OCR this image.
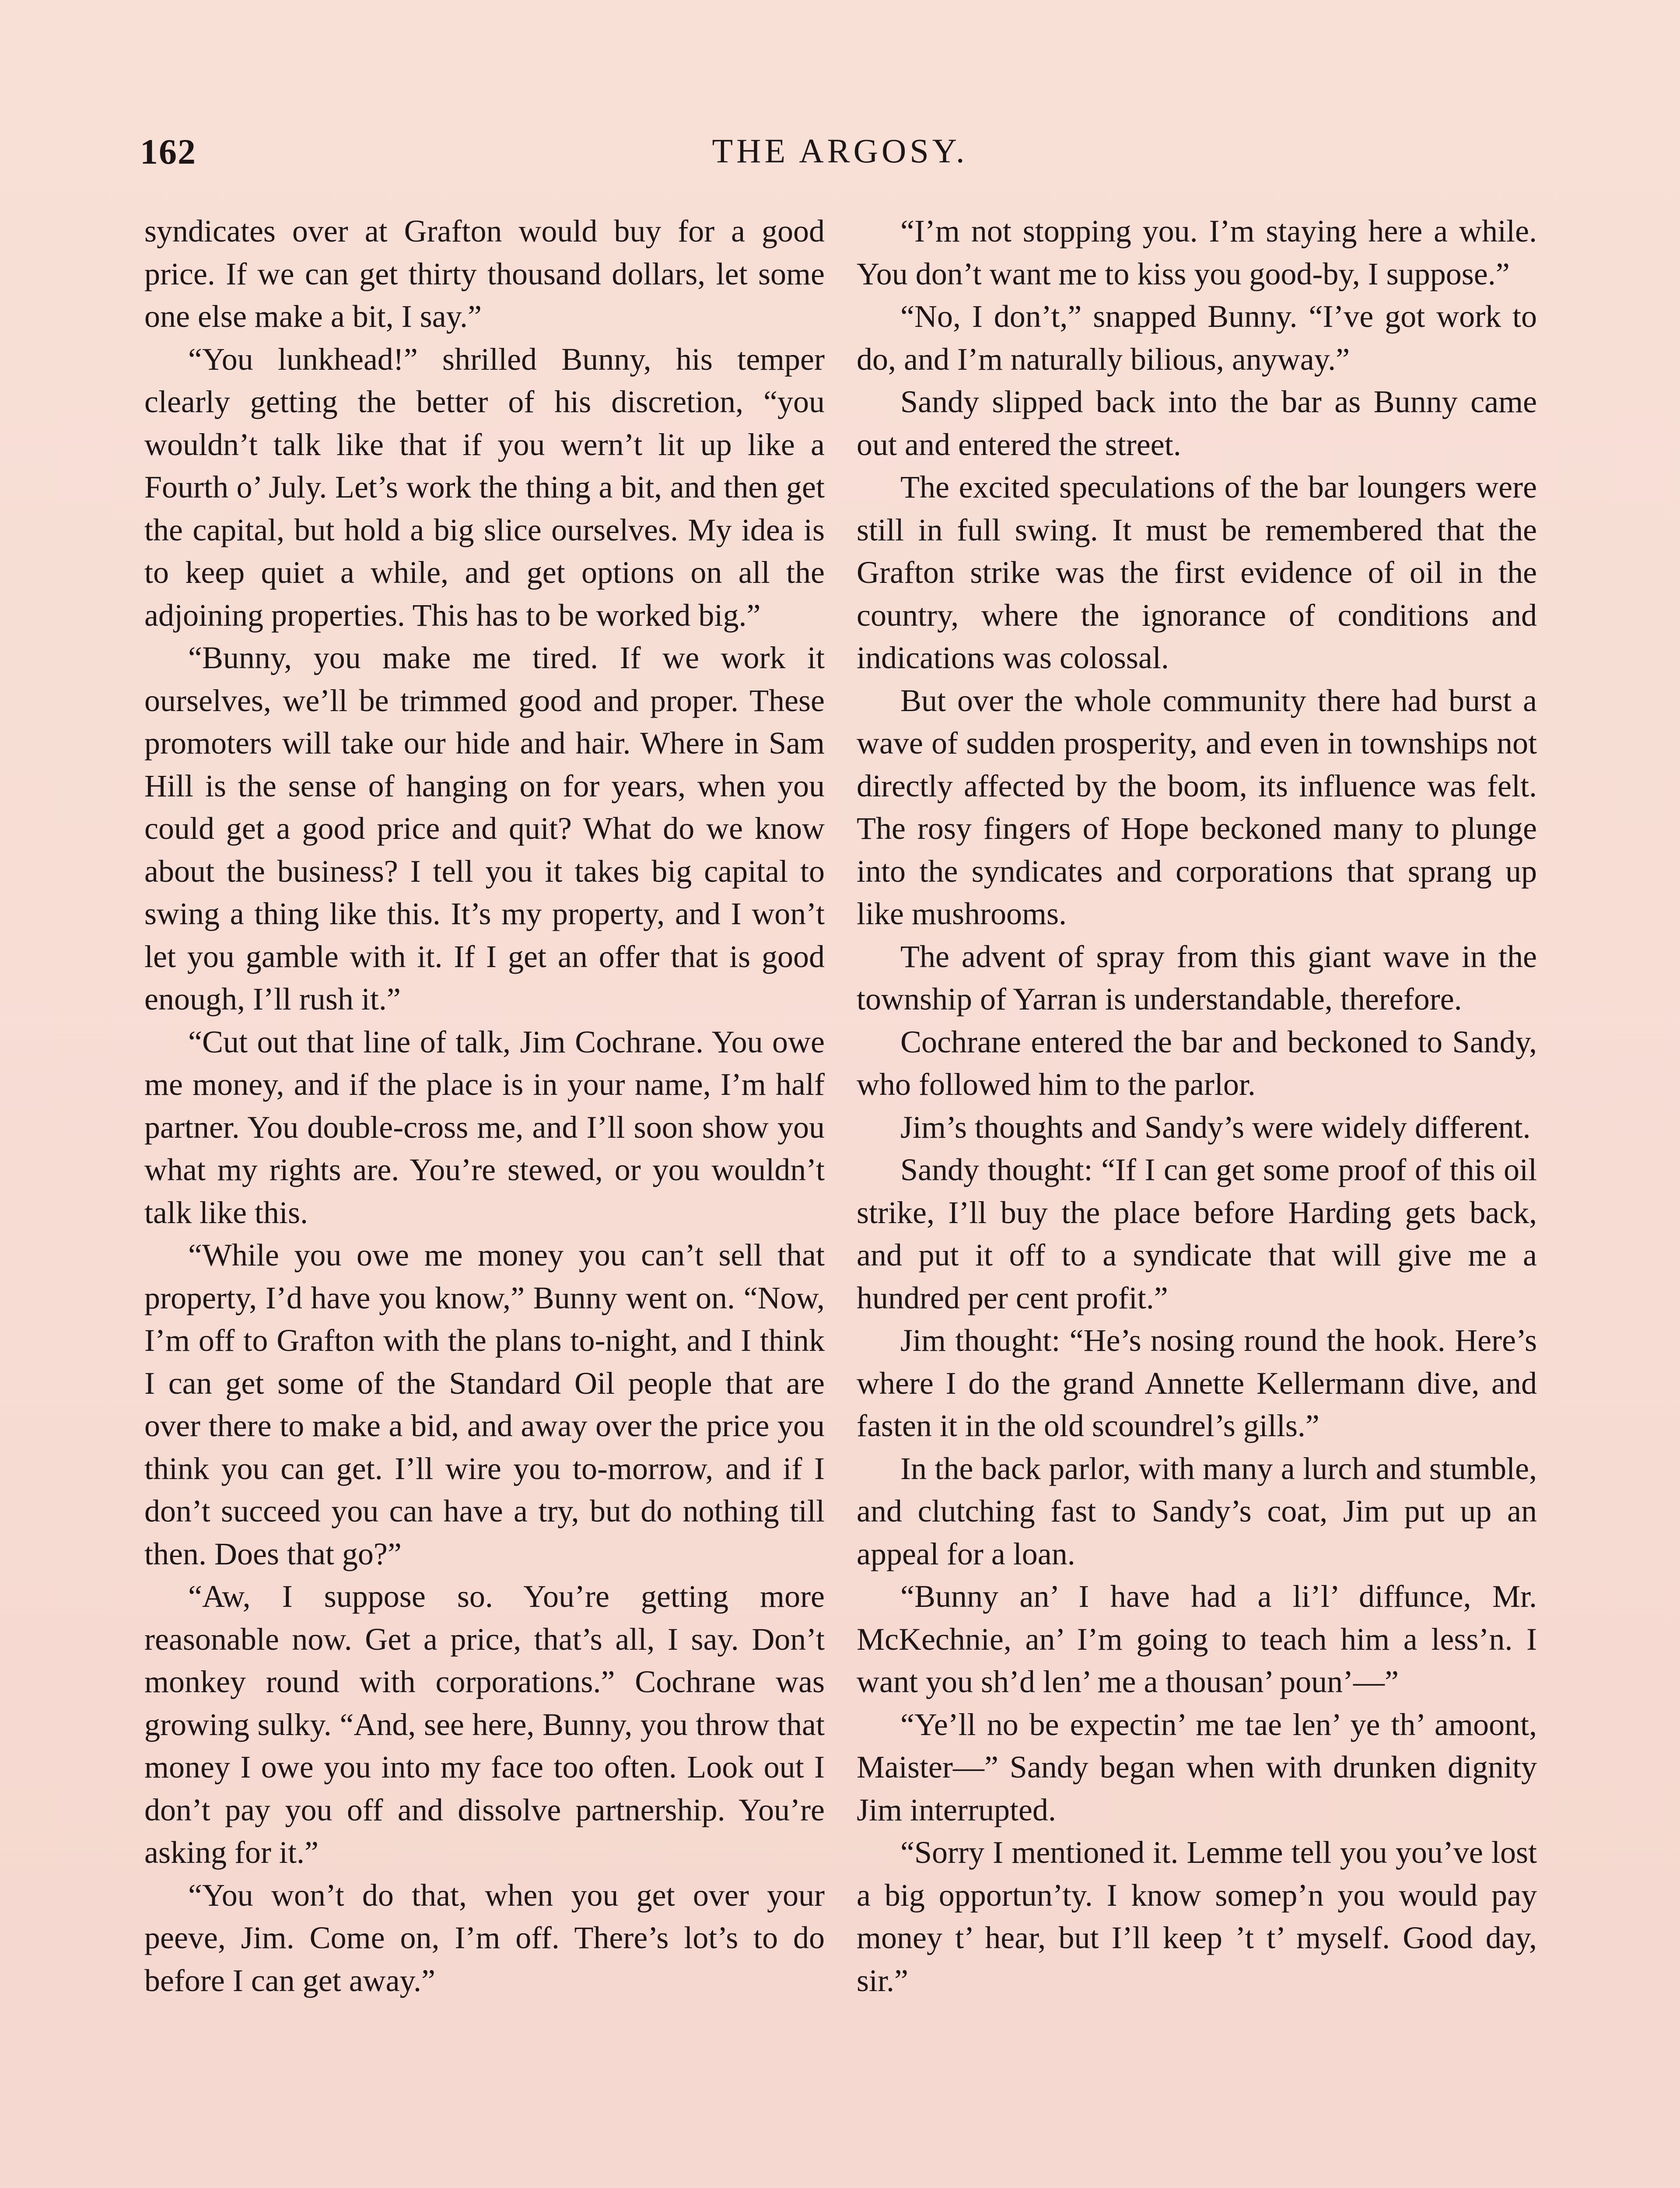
162	THE ARGOSY.

syndicates over at Grafton would buy for a good price. If we can get thirty thousand dollars, let some one else make a bit, I say.”

“You lunkhead!” shrilled Bunny, his temper clearly getting the better of his discretion, “you wouldn’t talk like that if you wern’t lit up like a Fourth o’ July. Let’s work the thing a bit, and then get the capital, but hold a big slice ourselves. My idea is to keep quiet a while, and get options on all the adjoining properties. This has to be worked big.”

“Bunny, you make me tired. If we work it ourselves, we’ll be trimmed good and proper. These promoters will take our hide and hair. Where in Sam Hill is the sense of hanging on for years, when you could get a good price and quit? What do we know about the business? I tell you it takes big capital to swing a thing like this. It’s my property, and I won’t let you gamble with it. If I get an offer that is good enough, I’ll rush it.”

“Cut out that line of talk, Jim Cochrane. You owe me money, and if the place is in your name, I’m half partner. You double-cross me, and I’ll soon show you what my rights are. You’re stewed, or you wouldn’t talk like this.

“While you owe me money you can’t sell that property, I’d have you know,” Bunny went on. “Now, I’m off to Grafton with the plans to-night, and I think I can get some of the Standard Oil people that are over there to make a bid, and away over the price you think you can get. I’ll wire you to-morrow, and if I don’t succeed you can have a try, but do nothing till then. Does that go?”

“Aw, I suppose so. You’re getting more reasonable now. Get a price, that’s all, I say. Don’t monkey round with corporations.” Cochrane was growing sulky. “And, see here, Bunny, you throw that money I owe you into my face too often. Look out I don’t pay you off and dissolve partnership. You’re asking for it.”

“You won’t do that, when you get over your peeve, Jim. Come on, I’m off. There’s lot’s to do before I can get away.”

“I’m not stopping you. I’m staying here a while. You don’t want me to kiss you good-by, I suppose.”

“No, I don’t,” snapped Bunny. “I’ve got work to do, and I’m naturally bilious, anyway.”

Sandy slipped back into the bar as Bunny came out and entered the street.

The excited speculations of the bar loungers were still in full swing. It must be remembered that the Grafton strike was the first evidence of oil in the country, where the ignorance of conditions and indications was colossal.

But over the whole community there had burst a wave of sudden prosperity, and even in townships not directly affected by the boom, its influence was felt. The rosy fingers of Hope beckoned many to plunge into the syndicates and corporations that sprang up like mushrooms.

The advent of spray from this giant wave in the township of Yarran is understandable, therefore.

Cochrane entered the bar and beckoned to Sandy, who followed him to the parlor.

Jim’s thoughts and Sandy’s were widely different.

Sandy thought: “If I can get some proof of this oil strike, I’ll buy the place before Harding gets back, and put it off to a syndicate that will give me a hundred per cent profit.”

Jim thought: “He’s nosing round the hook. Here’s where I do the grand Annette Kellermann dive, and fasten it in the old scoundrel’s gills.”

In the back parlor, with many a lurch and stumble, and clutching fast to Sandy’s coat, Jim put up an appeal for a loan.

“Bunny an’ I have had a li’l’ diffunce, Mr. McKechnie, an’ I’m going to teach him a less’n. I want you sh’d len’ me a thousan’ poun’—”

“Ye’ll no be expectin’ me tae len’ ye th’ amoont, Maister—” Sandy began when with drunken dignity Jim interrupted.

“Sorry I mentioned it. Lemme tell you you’ve lost a big opportun’ty. I know somep’n you would pay money t’ hear, but I’ll keep ’t t’ myself. Good day, sir.”
